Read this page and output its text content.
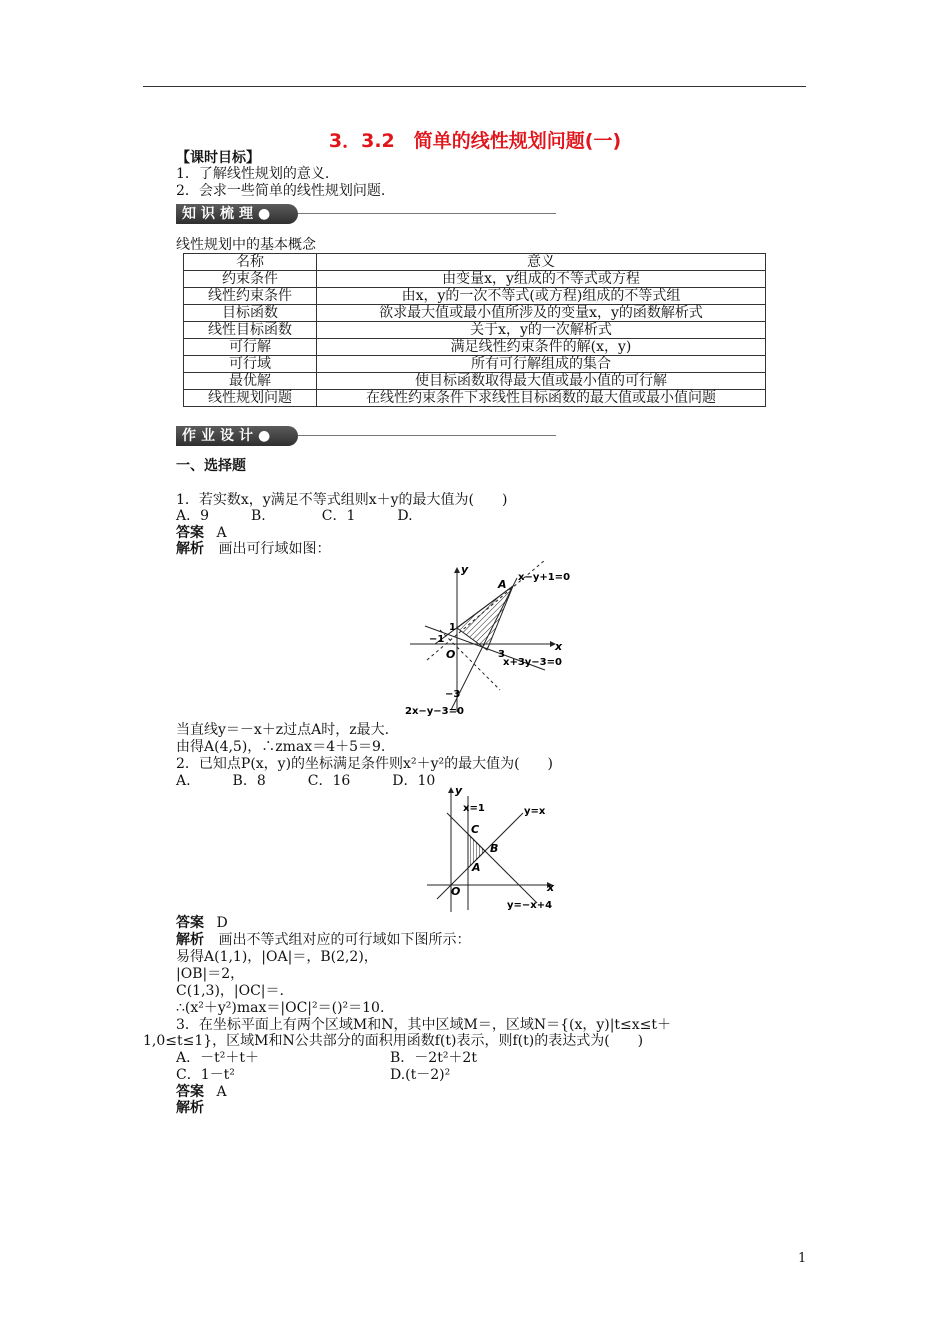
3．3.2　简单的线性规划问题(一)
【课时目标】
1．了解线性规划的意义.
2．会求一些简单的线性规划问题.
知识梳理●
线性规划中的基本概念
名称	意义
约束条件	由变量x，y组成的不等式或方程
线性约束条件	由x，y的一次不等式(或方程)组成的不等式组
目标函数	欲求最大值或最小值所涉及的变量x，y的函数解析式
线性目标函数	关于x，y的一次解析式
可行解	满足线性约束条件的解(x，y)
可行域	所有可行解组成的集合
最优解	使目标函数取得最大值或最小值的可行解
线性规划问题	在线性约束条件下求线性目标函数的最大值或最小值问题
作业设计●
一、选择题
1．若实数x，y满足不等式组则x＋y的最大值为(　　)
A．9　　　B.　　　　C．1　　　D.
答案 A
解析 画出可行域如图：
y
x
O
A
1
−1
3
−3
x−y+1=0
x+3y−3=0
2x−y−3=0
当直线y＝－x＋z过点A时，z最大.
由得A(4,5)，∴zmax＝4＋5＝9.
2．已知点P(x，y)的坐标满足条件则x²＋y²的最大值为(　　)
A.　　　B．8　　　C．16　　　D．10
y
x
O
x=1	y=x
y=−x+4
A
B
C
答案 D
解析 画出不等式组对应的可行域如下图所示：
易得A(1,1)，|OA|＝，B(2,2)，
|OB|＝2，
C(1,3)，|OC|＝.
∴(x²＋y²)max＝|OC|²＝()²＝10.
3．在坐标平面上有两个区域M和N，其中区域M＝，区域N＝{(x，y)|t≤x≤t＋
1,0≤t≤1}，区域M和N公共部分的面积用函数f(t)表示，则f(t)的表达式为(　　)
A．－t²＋t＋	B．－2t²＋2t
C．1－t²	D.(t－2)²
答案 A
解析
1
